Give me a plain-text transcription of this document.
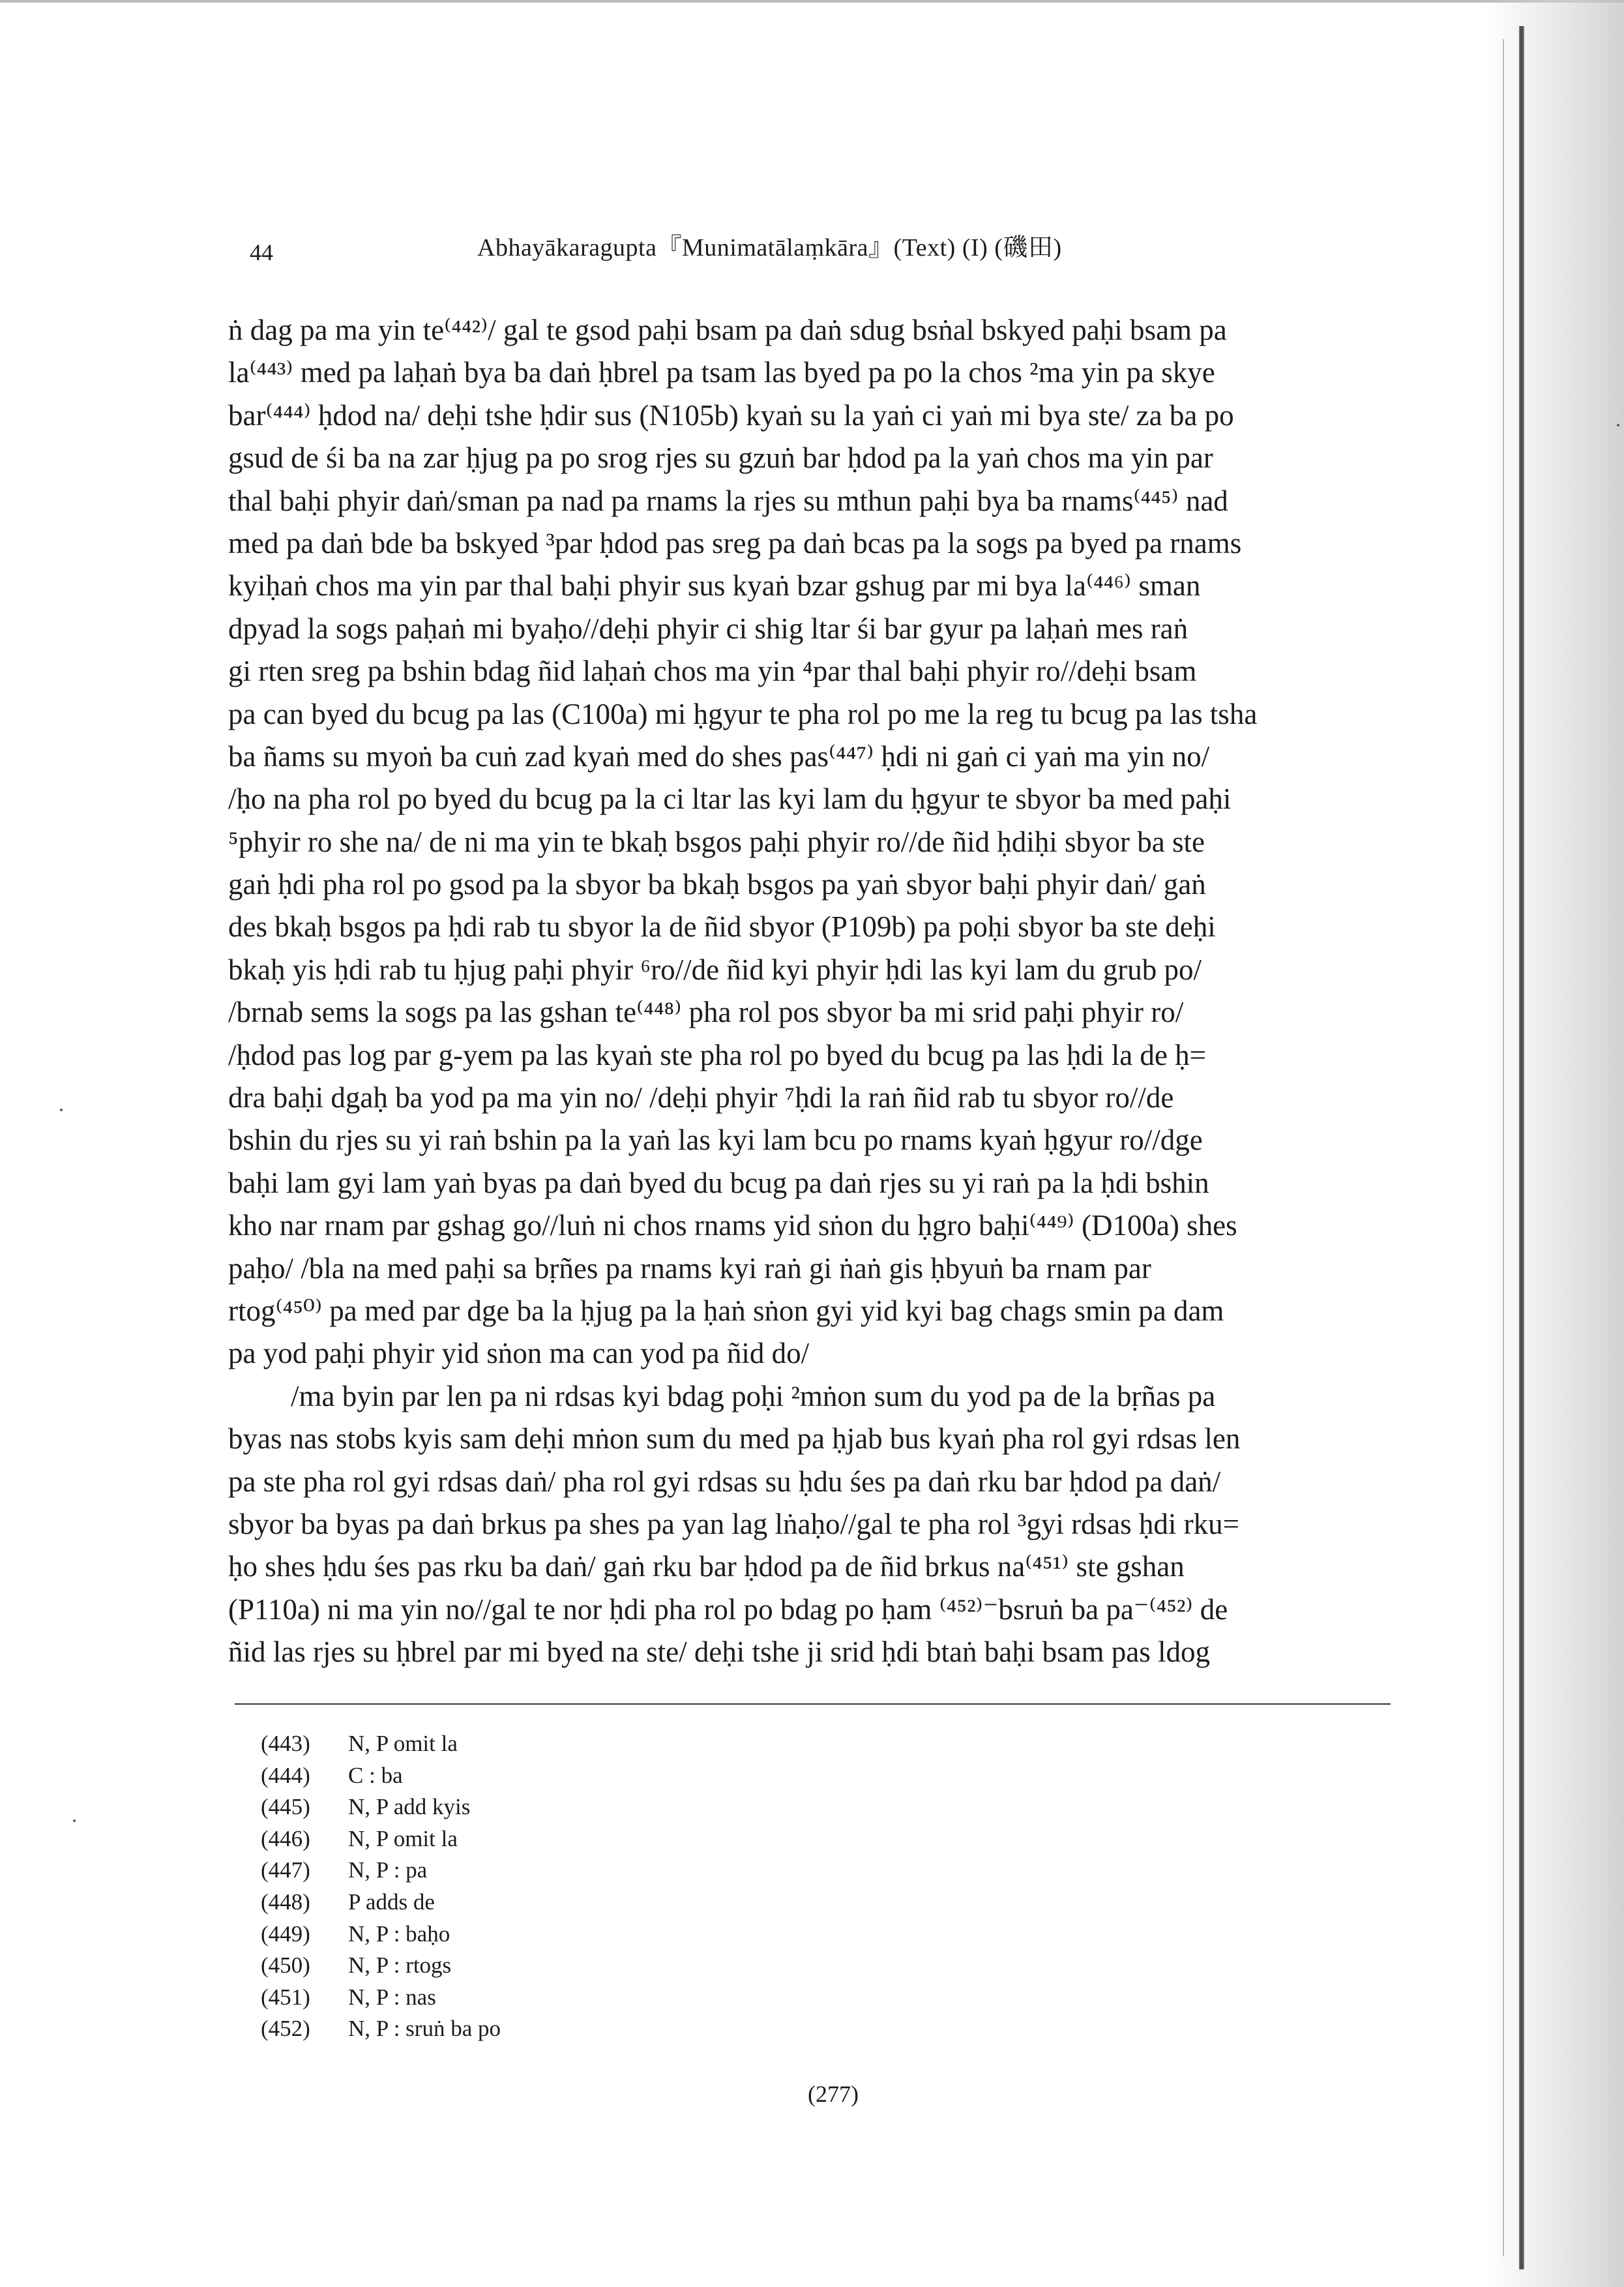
44	Abhayākaragupta『Munimatālaṃkāra』(Text) (I) (磯田)
ṅ dag pa ma yin te⁽⁴⁴²⁾/ gal te gsod paḥi bsam pa daṅ sdug bsṅal bskyed paḥi bsam pa
la⁽⁴⁴³⁾ med pa laḥaṅ bya ba daṅ ḥbrel pa tsam las byed pa po la chos ²ma yin pa skye
bar⁽⁴⁴⁴⁾ ḥdod na/ deḥi tshe ḥdir sus (N105b) kyaṅ su la yaṅ ci yaṅ mi bya ste/ za ba po
gsud de śi ba na zar ḥjug pa po srog rjes su gzuṅ bar ḥdod pa la yaṅ chos ma yin par
thal baḥi phyir daṅ/sman pa nad pa rnams la rjes su mthun paḥi bya ba rnams⁽⁴⁴⁵⁾ nad
med pa daṅ bde ba bskyed ³par ḥdod pas sreg pa daṅ bcas pa la sogs pa byed pa rnams
kyiḥaṅ chos ma yin par thal baḥi phyir sus kyaṅ bzar gshug par mi bya la⁽⁴⁴⁶⁾ sman
dpyad la sogs paḥaṅ mi byaḥo//deḥi phyir ci shig ltar śi bar gyur pa laḥaṅ mes raṅ
gi rten sreg pa bshin bdag ñid laḥaṅ chos ma yin ⁴par thal baḥi phyir ro//deḥi bsam
pa can byed du bcug pa las (C100a) mi ḥgyur te pha rol po me la reg tu bcug pa las tsha
ba ñams su myoṅ ba cuṅ zad kyaṅ med do shes pas⁽⁴⁴⁷⁾ ḥdi ni gaṅ ci yaṅ ma yin no/
/ḥo na pha rol po byed du bcug pa la ci ltar las kyi lam du ḥgyur te sbyor ba med paḥi
⁵phyir ro she na/ de ni ma yin te bkaḥ bsgos paḥi phyir ro//de ñid ḥdiḥi sbyor ba ste
gaṅ ḥdi pha rol po gsod pa la sbyor ba bkaḥ bsgos pa yaṅ sbyor baḥi phyir daṅ/ gaṅ
des bkaḥ bsgos pa ḥdi rab tu sbyor la de ñid sbyor (P109b) pa poḥi sbyor ba ste deḥi
bkaḥ yis ḥdi rab tu ḥjug paḥi phyir ⁶ro//de ñid kyi phyir ḥdi las kyi lam du grub po/
/brnab sems la sogs pa las gshan te⁽⁴⁴⁸⁾ pha rol pos sbyor ba mi srid paḥi phyir ro/
/ḥdod pas log par g-yem pa las kyaṅ ste pha rol po byed du bcug pa las ḥdi la de ḥ=
dra baḥi dgaḥ ba yod pa ma yin no/ /deḥi phyir ⁷ḥdi la raṅ ñid rab tu sbyor ro//de
bshin du rjes su yi raṅ bshin pa la yaṅ las kyi lam bcu po rnams kyaṅ ḥgyur ro//dge
baḥi lam gyi lam yaṅ byas pa daṅ byed du bcug pa daṅ rjes su yi raṅ pa la ḥdi bshin
kho nar rnam par gshag go//luṅ ni chos rnams yid sṅon du ḥgro baḥi⁽⁴⁴⁹⁾ (D100a) shes
paḥo/ /bla na med paḥi sa bṛñes pa rnams kyi raṅ gi ṅaṅ gis ḥbyuṅ ba rnam par
rtog⁽⁴⁵⁰⁾ pa med par dge ba la ḥjug pa la ḥaṅ sṅon gyi yid kyi bag chags smin pa dam
pa yod paḥi phyir yid sṅon ma can yod pa ñid do/
/ma byin par len pa ni rdsas kyi bdag poḥi ²mṅon sum du yod pa de la bṛñas pa
byas nas stobs kyis sam deḥi mṅon sum du med pa ḥjab bus kyaṅ pha rol gyi rdsas len
pa ste pha rol gyi rdsas daṅ/ pha rol gyi rdsas su ḥdu śes pa daṅ rku bar ḥdod pa daṅ/
sbyor ba byas pa daṅ brkus pa shes pa yan lag lṅaḥo//gal te pha rol ³gyi rdsas ḥdi rku=
ḥo shes ḥdu śes pas rku ba daṅ/ gaṅ rku bar ḥdod pa de ñid brkus na⁽⁴⁵¹⁾ ste gshan
(P110a) ni ma yin no//gal te nor ḥdi pha rol po bdag po ḥam ⁽⁴⁵²⁾⁻bsruṅ ba pa⁻⁽⁴⁵²⁾ de
ñid las rjes su ḥbrel par mi byed na ste/ deḥi tshe ji srid ḥdi btaṅ baḥi bsam pas ldog
(443)	N, P omit la
(444)	C : ba
(445)	N, P add kyis
(446)	N, P omit la
(447)	N, P : pa
(448)	P adds de
(449)	N, P : baḥo
(450)	N, P : rtogs
(451)	N, P : nas
(452)	N, P : sruṅ ba po
(277)
